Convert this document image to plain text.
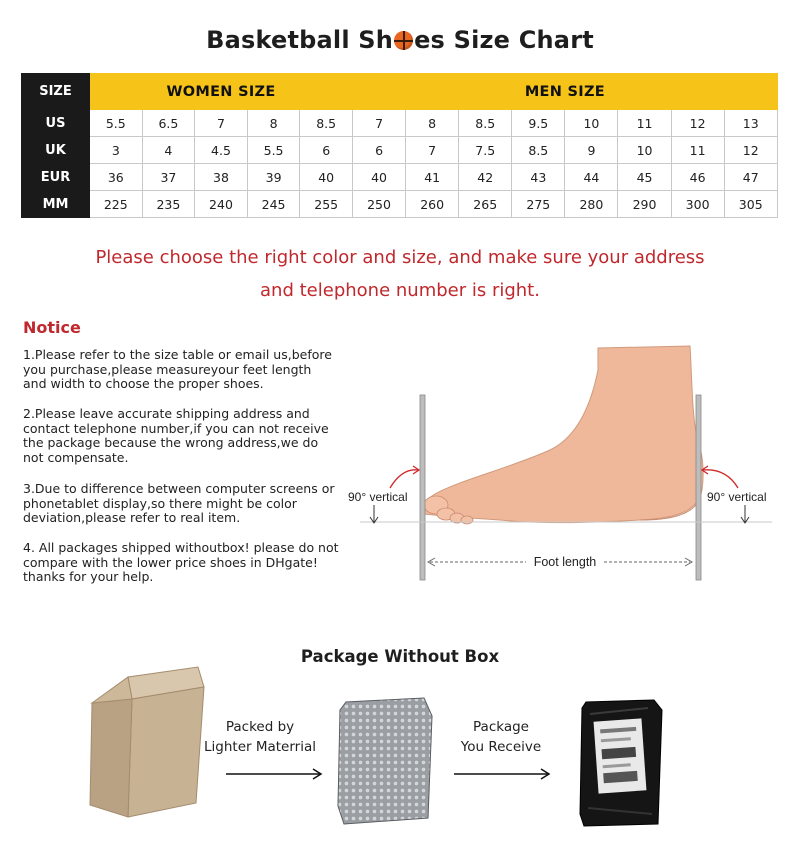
Basketball Sh es Size Chart
SIZE	WOMEN SIZE					MEN SIZE							
US	5.5	6.5	7	8	8.5	7	8	8.5	9.5	10	11	12	13
UK	3	4	4.5	5.5	6	6	7	7.5	8.5	9	10	11	12
EUR	36	37	38	39	40	40	41	42	43	44	45	46	47
MM	225	235	240	245	255	250	260	265	275	280	290	300	305
Please choose the right color and size, and make sure your address
and telephone number is right.
Notice
1.Please refer to the size table or email us,before
you purchase,please measureyour feet length
and width to choose the proper shoes.
2.Please leave accurate shipping address and
contact telephone number,if you can not receive
the package because the wrong address,we do
not compensate.
3.Due to difference between computer screens or
phonetablet display,so there might be color
deviation,please refer to real item.
4. All packages shipped withoutbox! please do not
compare with the lower price shoes in DHgate!
thanks for your help.
90° vertical	90° vertical
Foot length
Package Without Box
Packed by
Lighter Materrial
Package
You Receive
